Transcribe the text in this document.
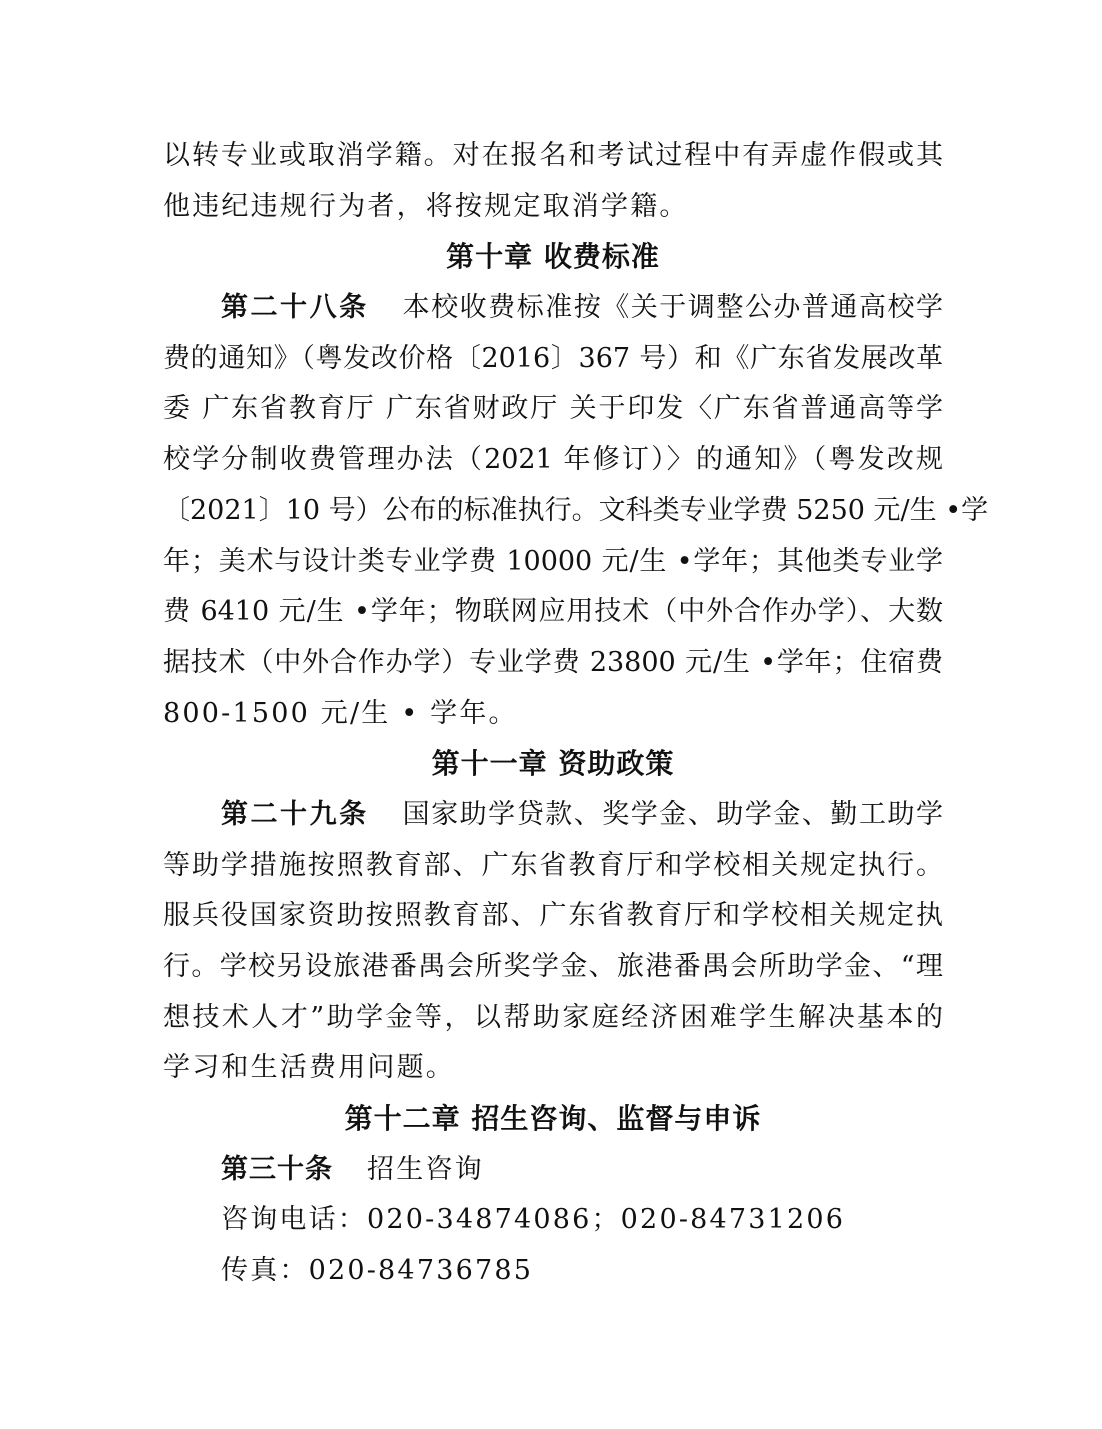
以转专业或取消学籍。对在报名和考试过程中有弄虚作假或其
他违纪违规行为者，将按规定取消学籍。
第十章 收费标准
第二十八条 本校收费标准按《关于调整公办普通高校学
费的通知》（粤发改价格〔2016〕367 号）和《广东省发展改革
委 广东省教育厅 广东省财政厅 关于印发〈广东省普通高等学
校学分制收费管理办法（2021 年修订）〉的通知》（粤发改规
〔2021〕10 号）公布的标准执行。文科类专业学费 5250 元/生 •学
年；美术与设计类专业学费 10000 元/生 •学年；其他类专业学
费 6410 元/生 •学年；物联网应用技术（中外合作办学）、大数
据技术（中外合作办学）专业学费 23800 元/生 •学年；住宿费
800-1500 元/生 • 学年。
第十一章 资助政策
第二十九条 国家助学贷款、奖学金、助学金、勤工助学
等助学措施按照教育部、广东省教育厅和学校相关规定执行。
服兵役国家资助按照教育部、广东省教育厅和学校相关规定执
行。学校另设旅港番禺会所奖学金、旅港番禺会所助学金、“理
想技术人才”助学金等，以帮助家庭经济困难学生解决基本的
学习和生活费用问题。
第十二章 招生咨询、监督与申诉
第三十条 招生咨询
咨询电话：020-34874086；020-84731206
传真：020-84736785
